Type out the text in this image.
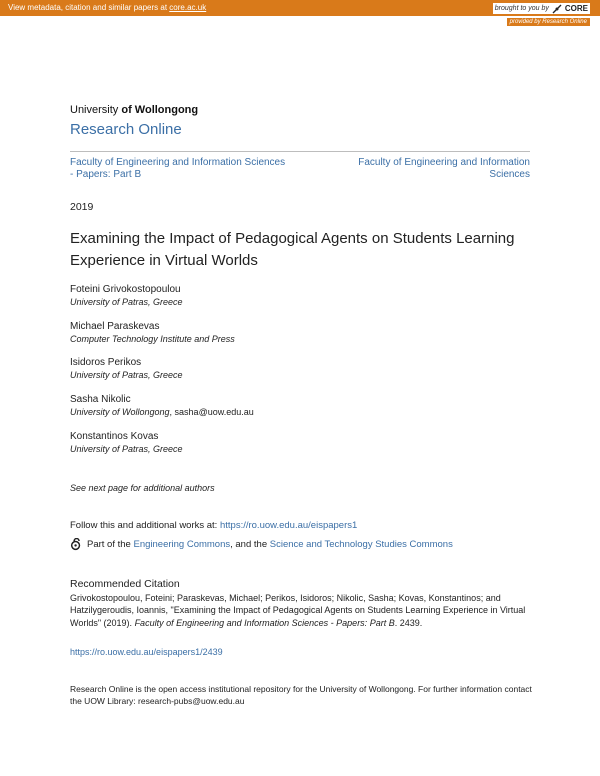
View metadata, citation and similar papers at core.ac.uk	brought to you by CORE
provided by Research Online
University of Wollongong
Research Online
Faculty of Engineering and Information Sciences - Papers: Part B
Faculty of Engineering and Information Sciences
2019
Examining the Impact of Pedagogical Agents on Students Learning Experience in Virtual Worlds
Foteini Grivokostopoulou
University of Patras, Greece
Michael Paraskevas
Computer Technology Institute and Press
Isidoros Perikos
University of Patras, Greece
Sasha Nikolic
University of Wollongong, sasha@uow.edu.au
Konstantinos Kovas
University of Patras, Greece
See next page for additional authors
Follow this and additional works at: https://ro.uow.edu.au/eispapers1
Part of the Engineering Commons, and the Science and Technology Studies Commons
Recommended Citation
Grivokostopoulou, Foteini; Paraskevas, Michael; Perikos, Isidoros; Nikolic, Sasha; Kovas, Konstantinos; and Hatzilygeroudis, Ioannis, "Examining the Impact of Pedagogical Agents on Students Learning Experience in Virtual Worlds" (2019). Faculty of Engineering and Information Sciences - Papers: Part B. 2439.
https://ro.uow.edu.au/eispapers1/2439
Research Online is the open access institutional repository for the University of Wollongong. For further information contact the UOW Library: research-pubs@uow.edu.au
